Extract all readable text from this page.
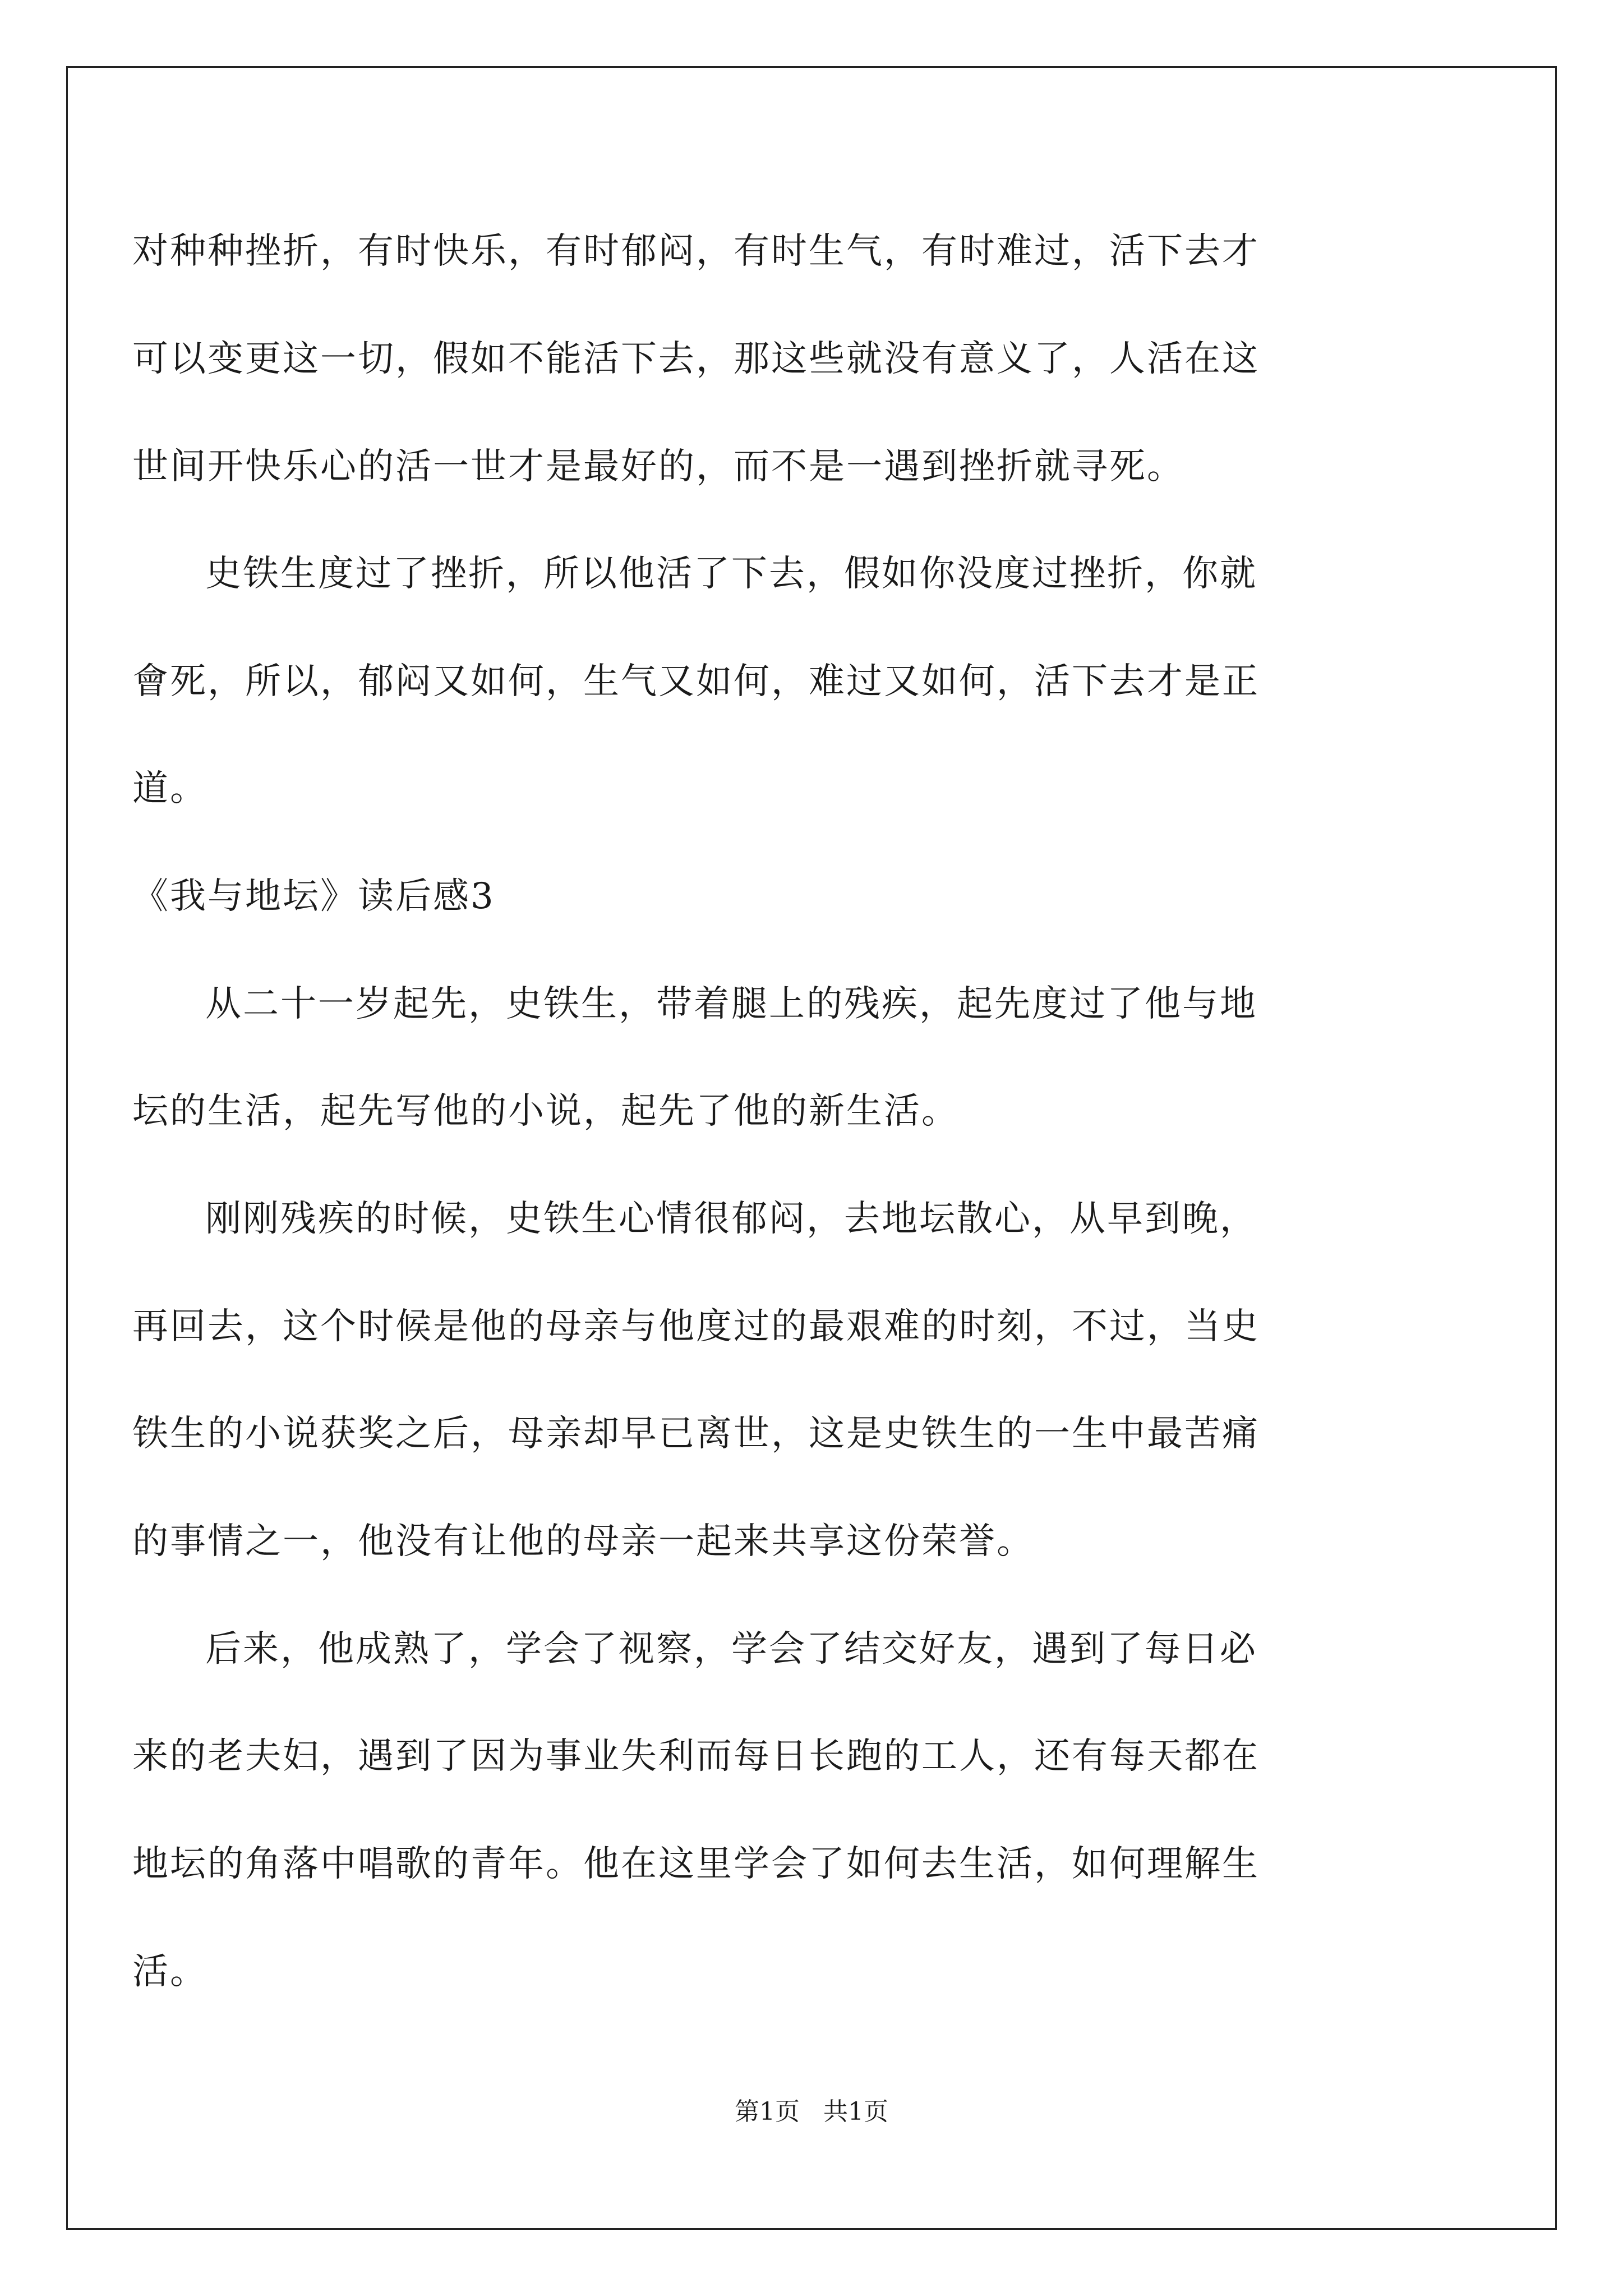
对种种挫折，有时快乐，有时郁闷，有时生气，有时难过，活下去才
可以变更这一切，假如不能活下去，那这些就没有意义了，人活在这
世间开快乐心的活一世才是最好的，而不是一遇到挫折就寻死。
史铁生度过了挫折，所以他活了下去，假如你没度过挫折，你就
會死，所以，郁闷又如何，生气又如何，难过又如何，活下去才是正
道。
《我与地坛》读后感3
从二十一岁起先，史铁生，带着腿上的残疾，起先度过了他与地
坛的生活，起先写他的小说，起先了他的新生活。
刚刚残疾的时候，史铁生心情很郁闷，去地坛散心，从早到晚，
再回去，这个时候是他的母亲与他度过的最艰难的时刻，不过，当史
铁生的小说获奖之后，母亲却早已离世，这是史铁生的一生中最苦痛
的事情之一，他没有让他的母亲一起来共享这份荣誉。
后来，他成熟了，学会了视察，学会了结交好友，遇到了每日必
来的老夫妇，遇到了因为事业失利而每日长跑的工人，还有每天都在
地坛的角落中唱歌的青年。他在这里学会了如何去生活，如何理解生
活。
第1页   共1页
